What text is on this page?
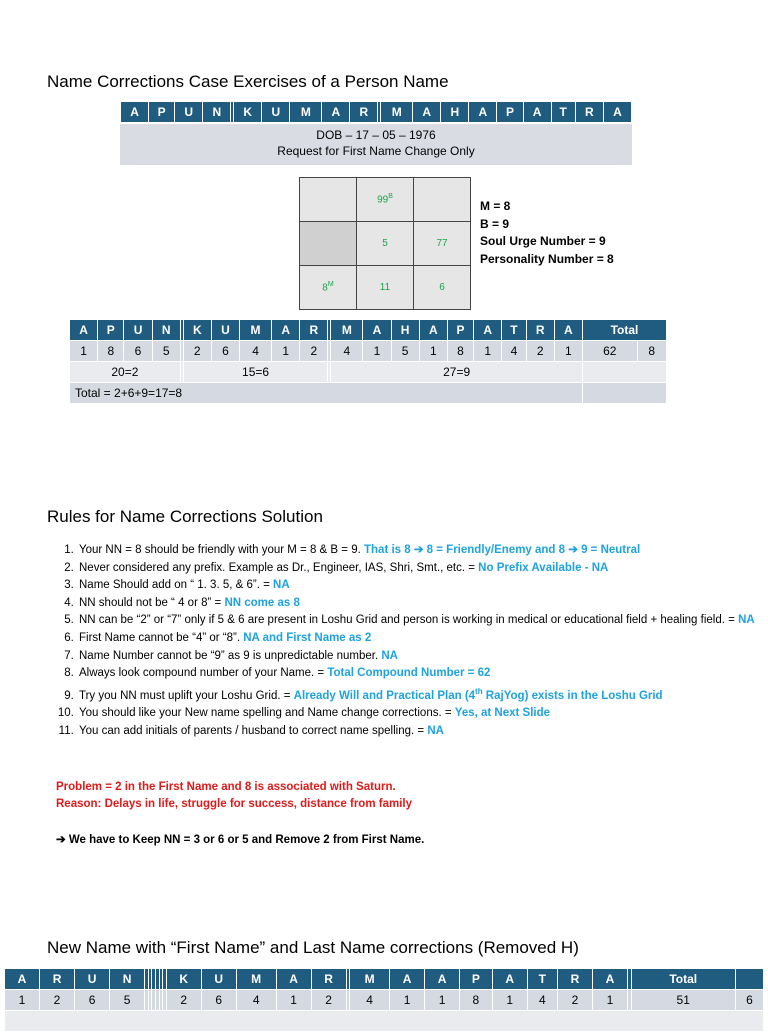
Name Corrections Case Exercises of a Person Name
A	P	U	N		K	U	M	A	R		M	A	H	A	P	A	T	R	A
DOB – 17 – 05 – 1976
Request for First Name Change Only
	$99^B$	
	5	77
$8^M$	11	6
M = 8
B = 9
Soul Urge Number = 9
Personality Number = 8
A	P	U	N		K	U	M	A	R		M	A	H	A	P	A	T	R	A	Total	
1	8	6	5		2	6	4	1	2		4	1	5	1	8	1	4	2	1	62	8
20=2					15=6						27=9										
Total = 2+6+9=17=8																					
Rules for Name Corrections Solution
1. Your NN = 8 should be friendly with your M = 8 & B = 9. That is 8 ➔ 8 = Friendly/Enemy and 8 ➔ 9 = Neutral
2. Never considered any prefix. Example as Dr., Engineer, IAS, Shri, Smt., etc. = No Prefix Available - NA
3. Name Should add on “ 1. 3. 5, & 6”. = NA
4. NN should not be “ 4 or 8” = NN come as 8
5. NN can be “2” or “7” only if 5 & 6 are present in Loshu Grid and person is working in medical or educational field + healing field. = NA
6. First Name cannot be “4” or “8”. NA and First Name as 2
7. Name Number cannot be “9” as 9 is unpredictable number. NA
8. Always look compound number of your Name. = Total Compound Number = 62
9. Try you NN must uplift your Loshu Grid. = Already Will and Practical Plan (4th RajYog) exists in the Loshu Grid
10. You should like your New name spelling and Name change corrections. = Yes, at Next Slide
11. You can add initials of parents / husband to correct name spelling. = NA
Problem = 2 in the First Name and 8 is associated with Saturn.
Reason: Delays in life, struggle for success, distance from family
➔ We have to Keep NN = 3 or 6 or 5 and Remove 2 from First Name.
New Name with “First Name” and Last Name corrections (Removed H)
A	R	U	N							K	U	M	A	R		M	A	A	P	A	T	R	A		Total	
1	2	6	5							2	6	4	1	2		4	1	1	8	1	4	2	1		51	6
